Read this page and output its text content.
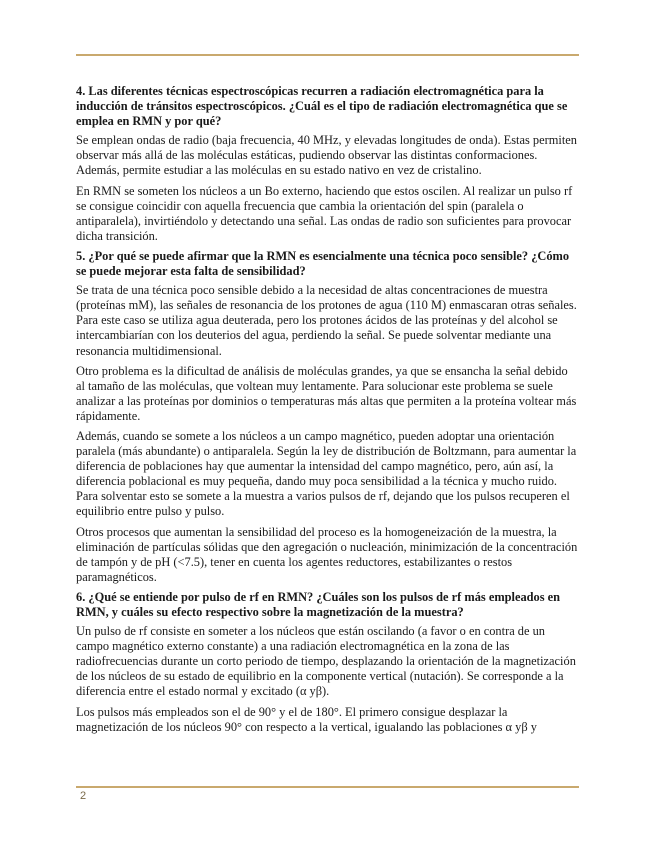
4. Las diferentes técnicas espectroscópicas recurren a radiación electromagnética para la inducción de tránsitos espectroscópicos. ¿Cuál es el tipo de radiación electromagnética que se emplea en RMN y por qué?

Se emplean ondas de radio (baja frecuencia, 40 MHz, y elevadas longitudes de onda). Estas permiten observar más allá de las moléculas estáticas, pudiendo observar las distintas conformaciones. Además, permite estudiar a las moléculas en su estado nativo en vez de cristalino.

En RMN se someten los núcleos a un Bo externo, haciendo que estos oscilen. Al realizar un pulso rf se consigue coincidir con aquella frecuencia que cambia la orientación del spin (paralela o antiparalela), invirtiéndolo y detectando una señal. Las ondas de radio son suficientes para provocar dicha transición.

5. ¿Por qué se puede afirmar que la RMN es esencialmente una técnica poco sensible? ¿Cómo se puede mejorar esta falta de sensibilidad?

Se trata de una técnica poco sensible debido a la necesidad de altas concentraciones de muestra (proteínas mM), las señales de resonancia de los protones de agua (110 M) enmascaran otras señales. Para este caso se utiliza agua deuterada, pero los protones ácidos de las proteínas y del alcohol se intercambiarían con los deuterios del agua, perdiendo la señal. Se puede solventar mediante una resonancia multidimensional.

Otro problema es la dificultad de análisis de moléculas grandes, ya que se ensancha la señal debido al tamaño de las moléculas, que voltean muy lentamente. Para solucionar este problema se suele analizar a las proteínas por dominios o temperaturas más altas que permiten a la proteína voltear más rápidamente.

Además, cuando se somete a los núcleos a un campo magnético, pueden adoptar una orientación paralela (más abundante) o antiparalela. Según la ley de distribución de Boltzmann, para aumentar la diferencia de poblaciones hay que aumentar la intensidad del campo magnético, pero, aún así, la diferencia poblacional es muy pequeña, dando muy poca sensibilidad a la técnica y mucho ruido. Para solventar esto se somete a la muestra a varios pulsos de rf, dejando que los pulsos recuperen el equilibrio entre pulso y pulso.

Otros procesos que aumentan la sensibilidad del proceso es la homogeneización de la muestra, la eliminación de partículas sólidas que den agregación o nucleación, minimización de la concentración de tampón y de pH (<7.5), tener en cuenta los agentes reductores, estabilizantes o restos paramagnéticos.

6. ¿Qué se entiende por pulso de rf en RMN? ¿Cuáles son los pulsos de rf más empleados en RMN, y cuáles su efecto respectivo sobre la magnetización de la muestra?

Un pulso de rf consiste en someter a los núcleos que están oscilando (a favor o en contra de un campo magnético externo constante) a una radiación electromagnética en la zona de las radiofrecuencias durante un corto periodo de tiempo, desplazando la orientación de la magnetización de los núcleos de su estado de equilibrio en la componente vertical (nutación). Se corresponde a la diferencia entre el estado normal y excitado (α yβ).

Los pulsos más empleados son el de 90° y el de 180°. El primero consigue desplazar la magnetización de los núcleos 90° con respecto a la vertical, igualando las poblaciones α yβ y

2
